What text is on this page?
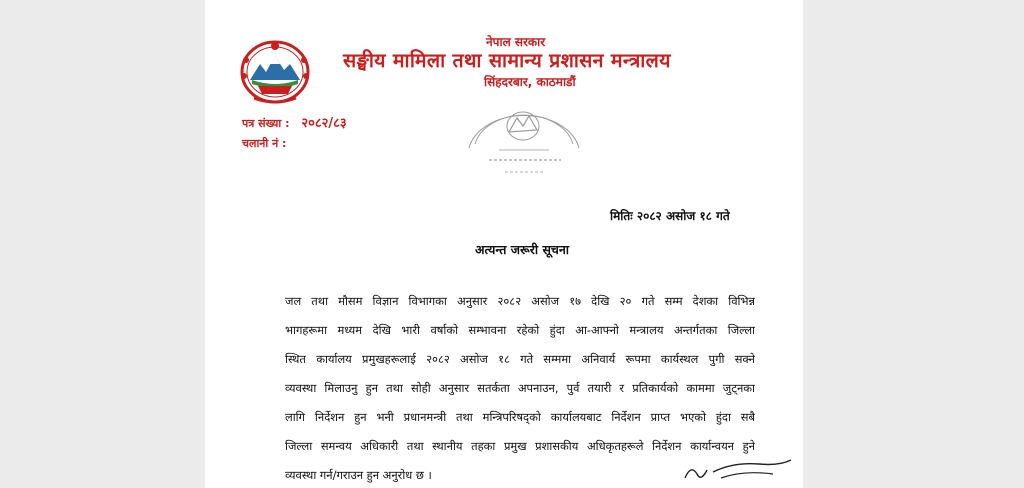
नेपाल सरकार
सङ्घीय मामिला तथा सामान्य प्रशासन मन्त्रालय
सिंहदरबार, काठमाडौं
पत्र संख्या : २०८२/८३
चलानी नं :
मितिः २०८२ असोज १८ गते
अत्यन्त जरूरी सूचना
जल तथा मौसम विज्ञान विभागका अनुसार २०८२ असोज १७ देखि २० गते सम्म देशका विभिन्न
भागहरूमा मध्यम देखि भारी वर्षाको सम्भावना रहेको हुंदा आ-आफ्नो मन्त्रालय अन्तर्गतका जिल्ला
स्थित कार्यालय प्रमुखहरूलाई २०८२ असोज १८ गते सम्ममा अनिवार्य रूपमा कार्यस्थल पुगी सक्ने
व्यवस्था मिलाउनु हुन तथा सोही अनुसार सतर्कता अपनाउन, पुर्व तयारी र प्रतिकार्यको काममा जुट्नका
लागि निर्देशन हुन भनी प्रधानमन्त्री तथा मन्त्रिपरिषद्को कार्यालयबाट निर्देशन प्राप्त भएको हुंदा सबै
जिल्ला समन्वय अधिकारी तथा स्थानीय तहका प्रमुख प्रशासकीय अधिकृतहरूले निर्देशन कार्यान्वयन हुने
व्यवस्था गर्न/गराउन हुन अनुरोध छ ।
